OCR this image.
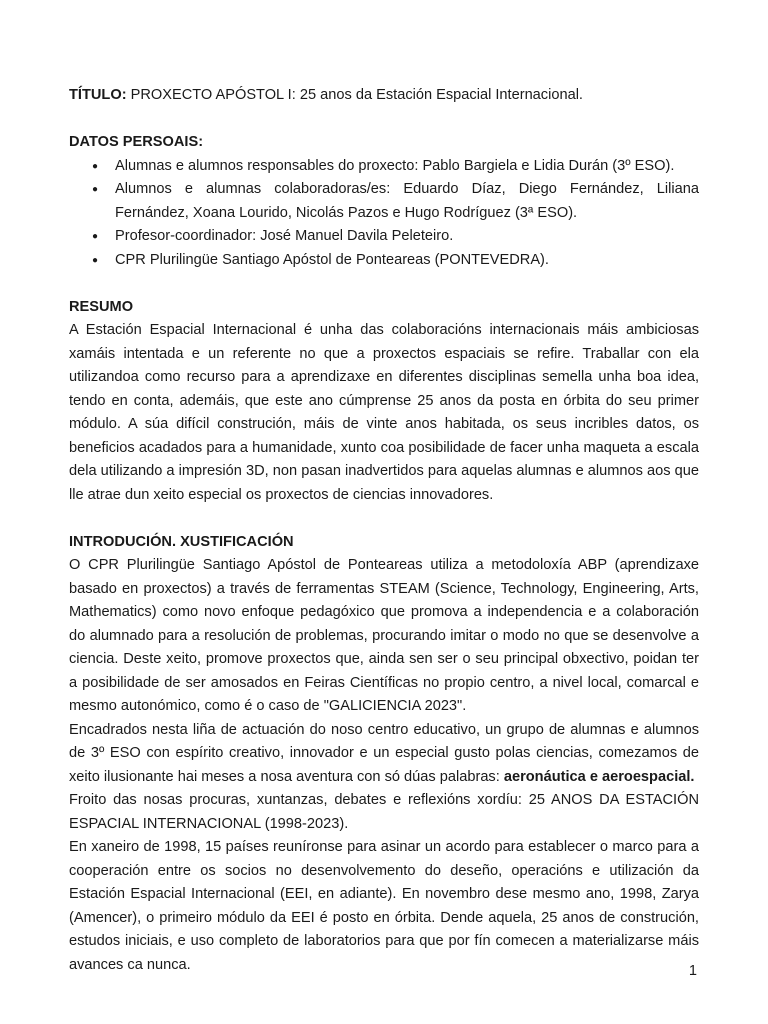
TÍTULO: PROXECTO APÓSTOL I: 25 anos da Estación Espacial Internacional.

DATOS PERSOAIS:

● Alumnas e alumnos responsables do proxecto: Pablo Bargiela e Lidia Durán (3º ESO).
● Alumnos e alumnas colaboradoras/es: Eduardo Díaz, Diego Fernández, Liliana Fernández, Xoana Lourido, Nicolás Pazos e Hugo Rodríguez (3ª ESO).
● Profesor-coordinador: José Manuel Davila Peleteiro.
● CPR Plurilingüe Santiago Apóstol de Ponteareas (PONTEVEDRA).

RESUMO

A Estación Espacial Internacional é unha das colaboracións internacionais máis ambiciosas xamáis intentada e un referente no que a proxectos espaciais se refire. Traballar con ela utilizandoa como recurso para a aprendizaxe en diferentes disciplinas semella unha boa idea, tendo en conta, ademáis, que este ano cúmprense 25 anos da posta en órbita do seu primer módulo. A súa difícil construción, máis de vinte anos habitada, os seus incribles datos, os beneficios acadados para a humanidade, xunto coa posibilidade de facer unha maqueta a escala dela utilizando a impresión 3D, non pasan inadvertidos para aquelas alumnas e alumnos aos que lle atrae dun xeito especial os proxectos de ciencias innovadores.

INTRODUCIÓN. XUSTIFICACIÓN

O CPR Plurilingüe Santiago Apóstol de Ponteareas utiliza a metodoloxía ABP (aprendizaxe basado en proxectos) a través de ferramentas STEAM (Science, Technology, Engineering, Arts, Mathematics) como novo enfoque pedagóxico que promova a independencia e a colaboración do alumnado para a resolución de problemas, procurando imitar o modo no que se desenvolve a ciencia. Deste xeito, promove proxectos que, ainda sen ser o seu principal obxectivo, poidan ter a posibilidade de ser amosados en Feiras Científicas no propio centro, a nivel local, comarcal e mesmo autonómico, como é o caso de "GALICIENCIA 2023".

Encadrados nesta liña de actuación do noso centro educativo, un grupo de alumnas e alumnos de 3º ESO con espírito creativo, innovador e un especial gusto polas ciencias, comezamos de xeito ilusionante hai meses a nosa aventura con só dúas palabras: aeronáutica e aeroespacial.

Froito das nosas procuras, xuntanzas, debates e reflexións xordíu: 25 ANOS DA ESTACIÓN ESPACIAL INTERNACIONAL (1998-2023).

En xaneiro de 1998, 15 países reuníronse para asinar un acordo para establecer o marco para a cooperación entre os socios no desenvolvemento do deseño, operacións e utilización da Estación Espacial Internacional (EEI, en adiante). En novembro dese mesmo ano, 1998, Zarya (Amencer), o primeiro módulo da EEI é posto en órbita. Dende aquela, 25 anos de construción, estudos iniciais, e uso completo de laboratorios para que por fín comecen a materializarse máis avances ca nunca.	1
